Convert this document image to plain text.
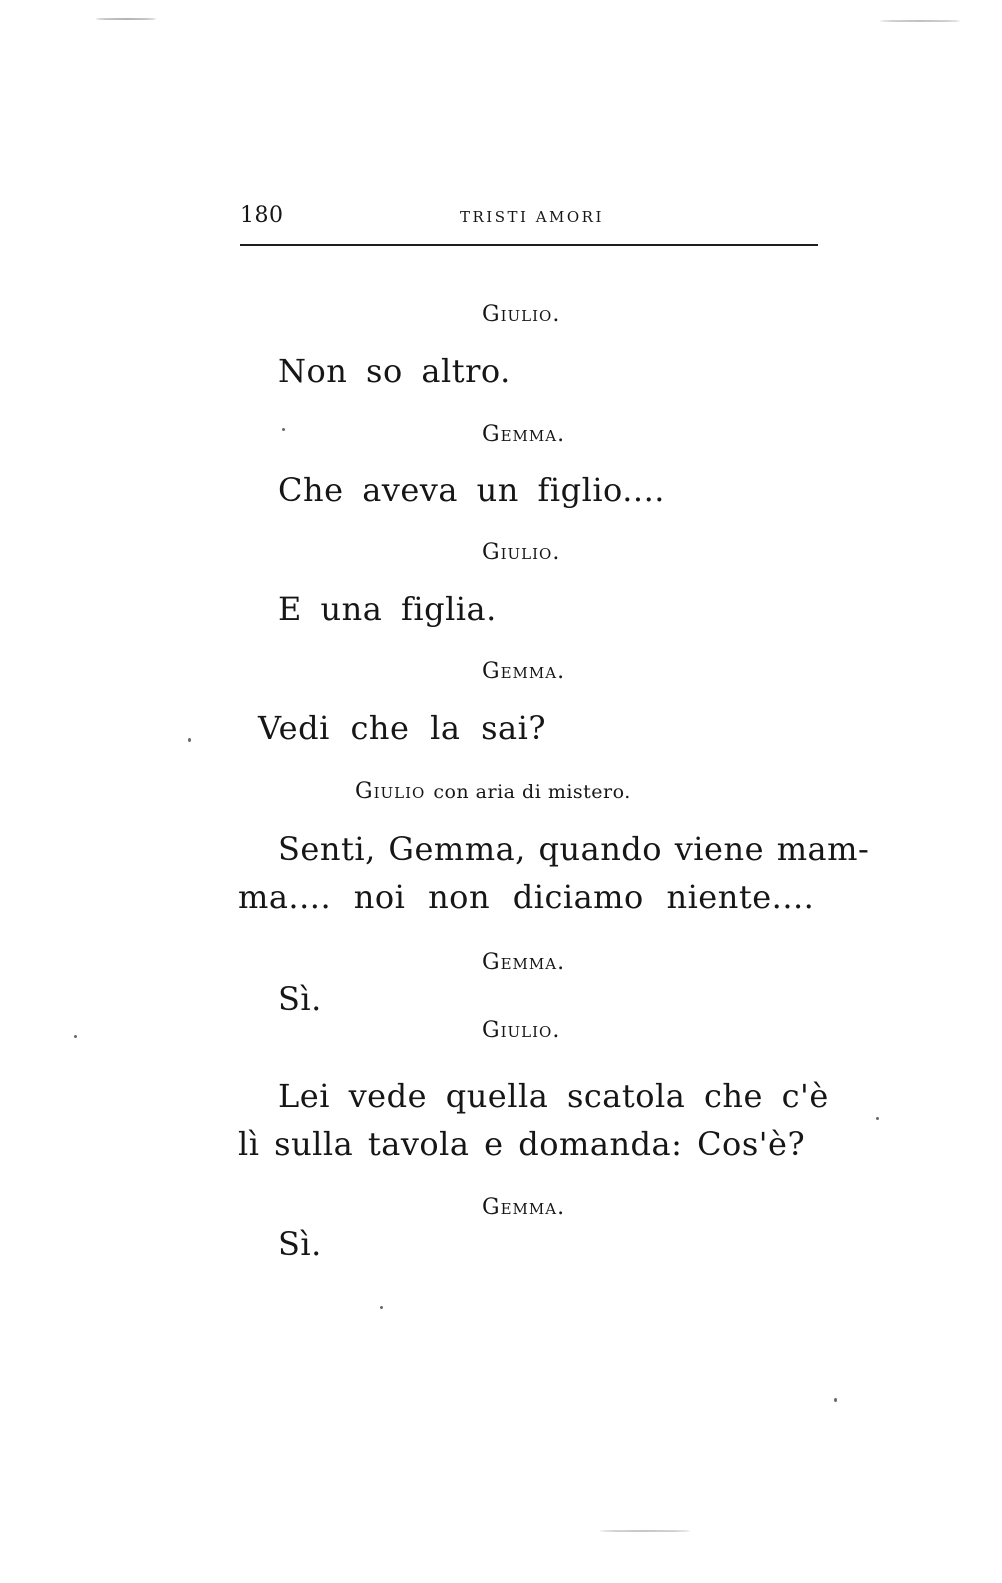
180	TRISTI AMORI
Giulio.
Non so altro.
Gemma.
Che aveva un figlio....
Giulio.
E una figlia.
Gemma.
Vedi che la sai?
Giulio con aria di mistero.
Senti, Gemma, quando viene mam-
ma.... noi non diciamo niente....
Gemma.
Sì.
Giulio.
Lei vede quella scatola che c'è
lì sulla tavola e domanda: Cos'è?
Gemma.
Sì.
